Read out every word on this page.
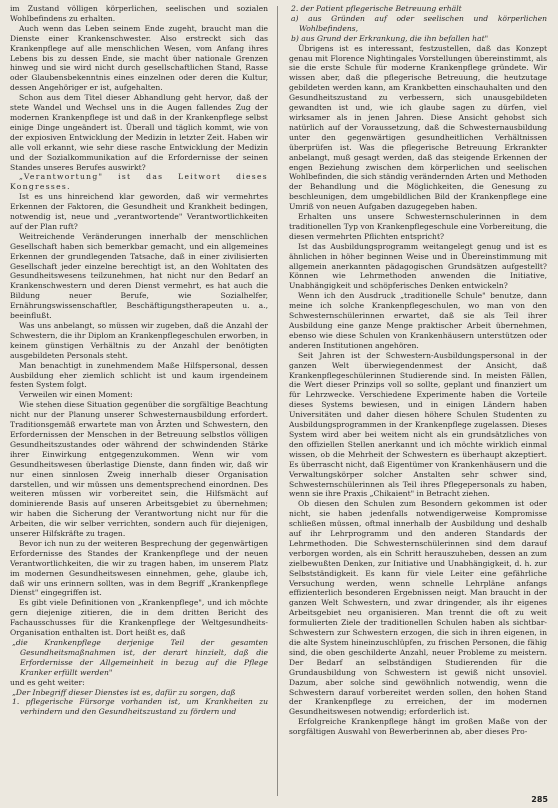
im Zustand völligen körperlichen, seelischen und sozialen Wohlbefindens zu erhalten.

Auch wenn das Leben seinem Ende zugeht, braucht man die Dienste einer Krankenschwester. Also erstreckt sich das Krankenpflege auf alle menschlichen Wesen, vom Anfang ihres Lebens bis zu dessen Ende, sie macht über nationale Grenzen hinweg und sie wird nicht durch gesellschaftlichen Stand, Rasse oder Glaubensbekenntnis eines einzelnen oder deren die Kultur, dessen Angehöriger er ist, aufgehalten.

Schon aus dem Titel dieser Abhandlung geht hervor, daß der stete Wandel und Wechsel uns in die Augen fallendes Zug der modernen Krankenpflege ist und daß in der Krankenpflege selbst einige Dinge ungeändert ist. Überall und täglich kommt, wie von der expiosiven Entwicklung der Medizin in letzter Zeit. Haben wir alle voll erkannt, wie sehr diese rasche Entwicklung der Medizin und der Sozialkommunikation auf die Erfordernisse der seinen Standes unseres Berufes auswirkt?

„Verantwortung" ist das Leitwort dieses Kongresses.

Ist es uns hinreichend klar geworden, daß wir vermehrtes Erkennen der Faktoren, die Gesundheit und Krankheit bedingen, notwendig ist, neue und „verantwortende" Verantwortlichkeiten auf der Plan ruft?

Weitreichende Veränderungen innerhalb der menschlichen Gesellschaft haben sich bemerkbar gemacht, und ein allgemeines Erkennen der grundlegenden Tatsache, daß in einer zivilisierten Gesellschaft jeder einzelne berechtigt ist, an den Wohltaten des Gesundheitswesens teilzunehmen, hat nicht nur den Bedarf an Krankenschwestern und deren Dienst vermehrt, es hat auch die Bildung neuer Berufe, wie Sozialhelfer, Ernährungswissenschaftler, Beschäftigungstherapeuten u. a., beeinflußt.

Was uns anbelangt, so müssen wir zugeben, daß die Anzahl der Schwestern, die ihr Diplom an Krankenpflegeschulen erworben, in keinem günstigen Verhältnis zu der Anzahl der benötigten ausgebildeten Personals steht.

Man benachtigt in zunehmendem Maße Hilfspersonal, dessen Ausbildung eher ziemlich schlicht ist und kaum irgendeinem festen System folgt.

Verweilen wir einen Moment:

Wie stehen diese Situation gegenüber die sorgfältige Beachtung nicht nur der Planung unserer Schwesternausbildung erfordert. Traditionsgemäß erwartete man von Ärzten und Schwestern, den Erfordernissen der Menschen in der Betreuung selbstlos völligen Gesundheitszustandes oder während der schwindenden Stärke ihrer Einwirkung entgegenzukommen. Wenn wir vom Gesundheitswesen überlastige Dienste, dann finden wir, daß wir nur einen sinnlosen Zweig innerhalb dieser Organisation darstellen, und wir müssen uns dementsprechend einordnen. Des weiteren müssen wir vorbereitet sein, die Hilfsmächt auf dominierende Basis auf unseren Arbeitsgebiet zu übernehmen; wir haben die Sicherung der Verantwortung nicht nur für die Arbeiten, die wir selber verrichten, sondern auch für diejenigen, unserer Hilfskräfte zu tragen.

Bevor ich nun zu der weiteren Besprechung der gegenwärtigen Erfordernisse des Standes der Krankenpflege und der neuen Verantwortlichkeiten, die wir zu tragen haben, im unserem Platz im modernen Gesundheitswesen einnehmen, gehe, glaube ich, daß wir uns erinnern sollten, was in dem Begriff „Krankenpflege Dienst" eingegriffen ist.

Es gibt viele Definitionen von „Krankenpflege", und ich möchte gern diejenige zitieren, die in dem dritten Bericht des Fachausschusses für die Krankenpflege der Weltgesundheits-Organisation enthalten ist. Dort heißt es, daß

„die Krankenpflege derjenige Teil der gesamten Gesundheitsmaßnahmen ist, der derart hinzielt, daß die Erfordernisse der Allgemeinheit in bezug auf die Pflege Kranker erfüllt werden"

und es geht weiter:

„Der Inbegriff dieser Dienstes ist es, dafür zu sorgen, daß

1. pflegerische Fürsorge vorhanden ist, um Krankheiten zu verhindern und den Gesundheitszustand zu fördern und

2. der Patient pflegerische Betreuung erhält

a) aus Gründen auf oder seelischen und körperlichen Wohlbefindens,

b) aus Grund der Erkrankung, die ihn befallen hat"

Übrigens ist es interessant, festzustellen, daß das Konzept genau mit Florence Nightingales Vorstellungen übereinstimmt, als sie die erste Schule für moderne Krankenpflege gründete. Wir wissen aber, daß die pflegerische Betreuung, die heutzutage gebildeten werden kann, am Krankbetten einschauhalten und den Gesundheitszustand zu verbessern, sich unausgebildeten gewandten ist und, wie ich glaube sagen zu dürfen, viel wirksamer als in jenen Jahren. Diese Ansicht gehobst sich natürlich auf der Voraussetzung, daß die Schwesternausbildung unter den gegenwärtigen gesundheitlichen Verhältnissen überprüfen ist. Was die pflegerische Betreuung Erkrankter anbelangt, muß gesagt werden, daß das steigende Erkennen der engen Beziehung zwischen dem körperlichen und seelischen Wohlbefinden, die sich ständig verändernden Arten und Methoden der Behandlung und die Möglichkeiten, die Genesung zu beschleunigen, dem umgebildlichen Bild der Krankenpflege eine Umriß von neuen Aufgaben dazugegeben haben.

Erhalten uns unsere Schwesternschulerinnen in dem traditionellen Typ von Krankenpflegeschule eine Vorbereitung, die diesen vermehrten Pflichten entspricht?

Ist das Ausbildungsprogramm weitangelegt genug und ist es ähnlichen in höher beginnen Weise und in Übereinstimmung mit allgemein anerkannten pädagogischen Grundsätzen aufgestellt? Können wie Lehrmethoden anwenden die Initiative, Unabhängigkeit und schöpferisches Denken entwickeln?

Wenn ich den Ausdruck „traditionelle Schule" benutze, dann meine ich solche Krankenpflegeschulen, wo man von den Schwesternschülerinnen erwartet, daß sie als Teil ihrer Ausbildung eine ganze Menge praktischer Arbeit übernehmen, ebenso wie diese Schulen von Krankenhäusern unterstützen oder anderen Institutionen angehören.

Seit Jahren ist der Schwestern-Ausbildungspersonal in der ganzen Welt überwiegendenmest der Ansicht, daß Krankenpflegeschülerinnen Studierende sind. In meisten Fällen, die Wert dieser Prinzips voll so sollte, geplant und finanziert um für Lehrzwecke. Verschiedene Experimente haben die Vorteile dieses Systems bewiesen, und in einigen Ländern haben Universitäten und daher diesen höhere Schulen Studenten zu Ausbildungsprogrammen in der Krankenpflege zugelassen. Dieses System wird aber bei weitem nicht als ein grundsätzliches von den offiziellen Stellen anerkannt und ich möchte wirklich einmal wissen, ob die Mehrheit der Schwestern es überhaupt akzeptiert. Es überrascht nicht, daß Eigentümer von Krankenhäusern und die Verwaltungskörper solcher Anstalten sehr schwer sind, Schwesternschülerinnen als Teil ihres Pflegepersonals zu haben, wenn sie ihre Praxis „Chikaient" in Betracht ziehen.

Ob diesen den Schulen zum Besondern gekommen ist oder nicht, sie haben jedenfalls notwendigerweise Kompromisse schließen müssen, oftmal innerhalb der Ausbildung und deshalb auf ihr Lehrprogramm und den anderen Standards der Lehrmethoden. Die Schwesternschülerinnen sind dem darauf verborgen worden, als ein Schritt herauszuheben, dessen an zum zielbewußten Denken, zur Initiative und Unabhängigkeit, d. h. zur Selbstständigkeit. Es kann für viele Leiter eine gefährliche Versuchung werden, wenn schnelle Lehrpläne anfangs effizienterlich besonderen Ergebnissen neigt. Man braucht in der ganzen Welt Schwestern, und zwar dringender, als ihr eigenes Arbeitsgebiet neu organisieren. Man trennt die oft zu weit formulierten Ziele der traditionellen Schulen haben als sichtbar-Schwestern zur Schwestern erzogen, die sich in ihren eigenen, in die alte System hineinzuschlüpfen, zu frischen Personen, die fähig sind, die oben geschilderte Anzahl, neuer Probleme zu meistern. Der Bedarf an selbständigen Studierenden für die Grundausbildung von Schwestern ist gewiß nicht unsoviel. Dazum, aber solche sind gewöhnlich notwendig, wenn die Schwestern darauf vorbereitet werden sollen, den hohen Stand der Krankenpflege zu erreichen, der im modernen Gesundheitswesen notwendig; erforderlich ist.

Erfolgreiche Krankenpflege hängt im großen Maße von der sorgfältigen Auswahl von Bewerberinnen ab, aber dieses Pro-

285
